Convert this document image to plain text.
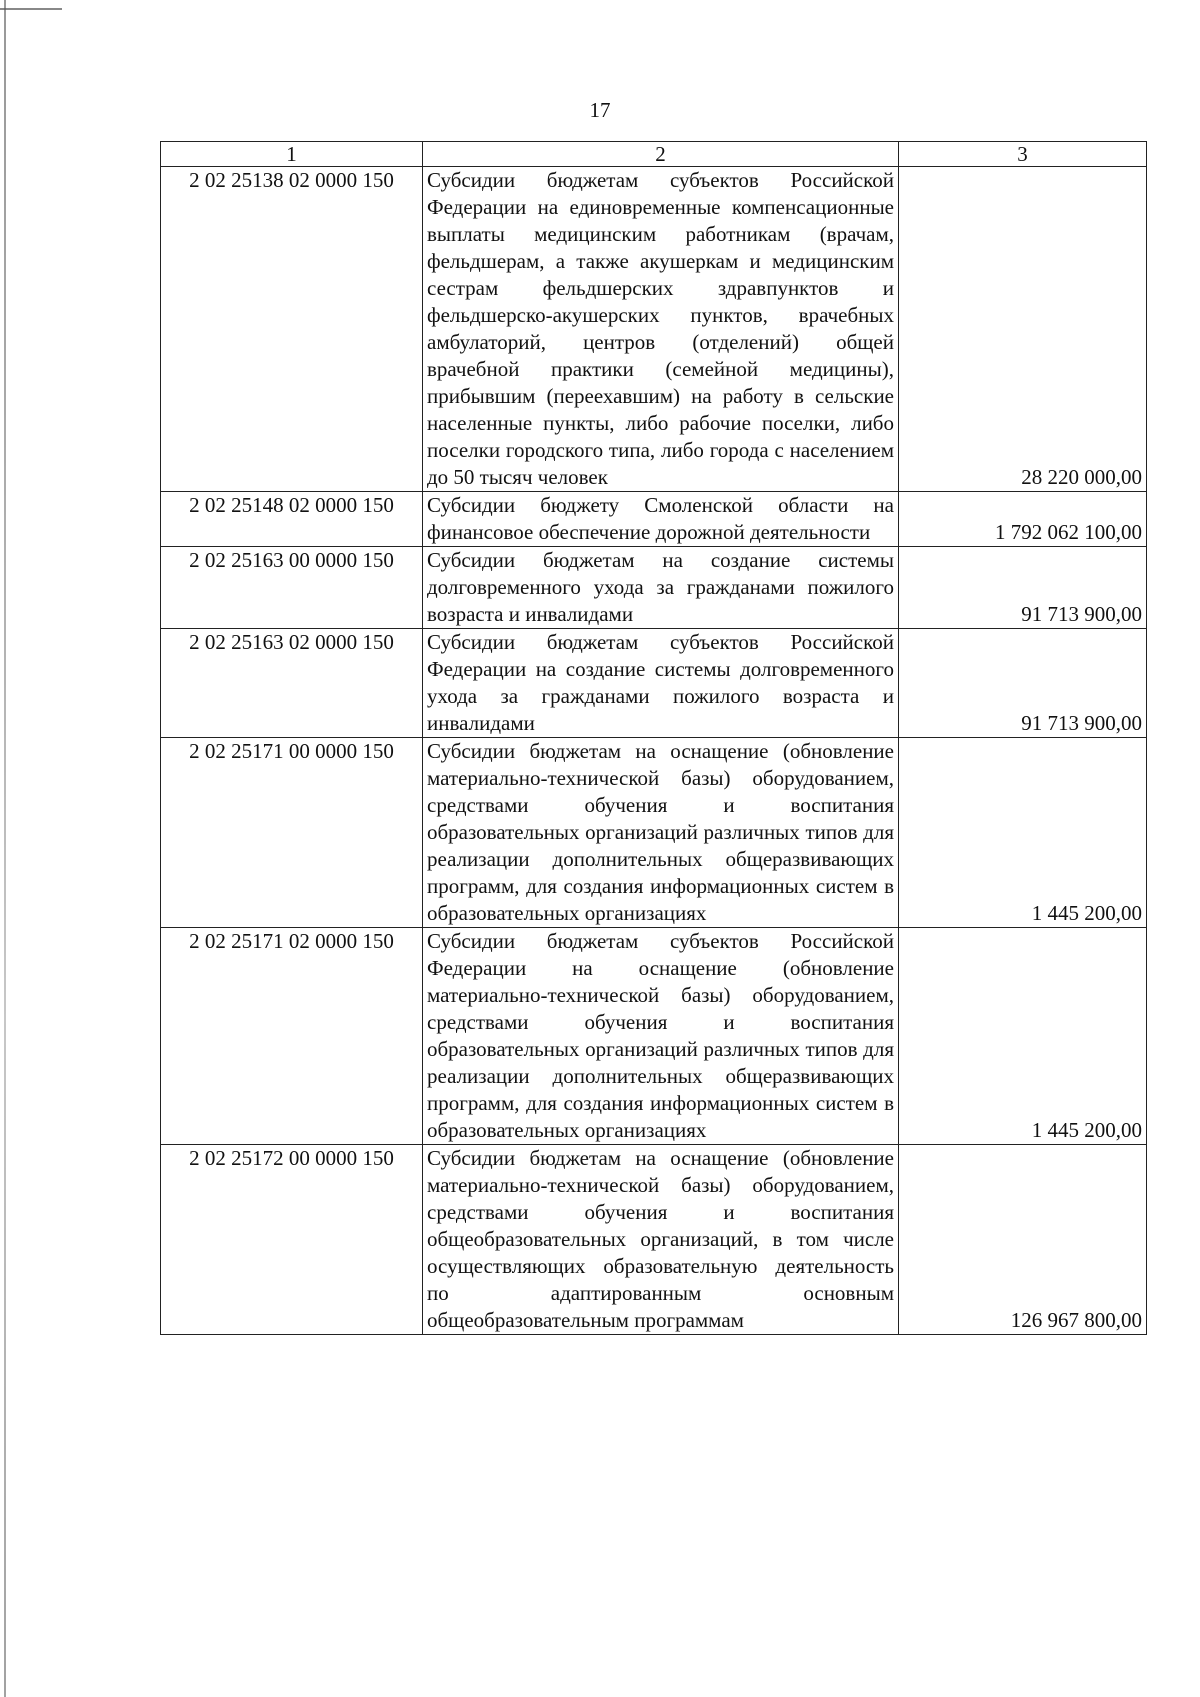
17
1	2	3
2 02 25138 02 0000 150	Субсидии бюджетам субъектов Российской Федерации на единовременные компенсационные выплаты медицинским работникам (врачам, фельдшерам, а также акушеркам и медицинским сестрам фельдшерских здравпунктов и фельдшерско-акушерских пунктов, врачебных амбулаторий, центров (отделений) общей врачебной практики (семейной медицины), прибывшим (переехавшим) на работу в сельские населенные пункты, либо рабочие поселки, либо поселки городского типа, либо города с населением до 50 тысяч человек	28 220 000,00
2 02 25148 02 0000 150	Субсидии бюджету Смоленской области на финансовое обеспечение дорожной деятельности	1 792 062 100,00
2 02 25163 00 0000 150	Субсидии бюджетам на создание системы долговременного ухода за гражданами пожилого возраста и инвалидами	91 713 900,00
2 02 25163 02 0000 150	Субсидии бюджетам субъектов Российской Федерации на создание системы долговременного ухода за гражданами пожилого возраста и инвалидами	91 713 900,00
2 02 25171 00 0000 150	Субсидии бюджетам на оснащение (обновление материально-технической базы) оборудованием, средствами обучения и воспитания образовательных организаций различных типов для реализации дополнительных общеразвивающих программ, для создания информационных систем в образовательных организациях	1 445 200,00
2 02 25171 02 0000 150	Субсидии бюджетам субъектов Российской Федерации на оснащение (обновление материально-технической базы) оборудованием, средствами обучения и воспитания образовательных организаций различных типов для реализации дополнительных общеразвивающих программ, для создания информационных систем в образовательных организациях	1 445 200,00
2 02 25172 00 0000 150	Субсидии бюджетам на оснащение (обновление материально-технической базы) оборудованием, средствами обучения и воспитания общеобразовательных организаций, в том числе осуществляющих образовательную деятельность по адаптированным основным общеобразовательным программам	126 967 800,00
